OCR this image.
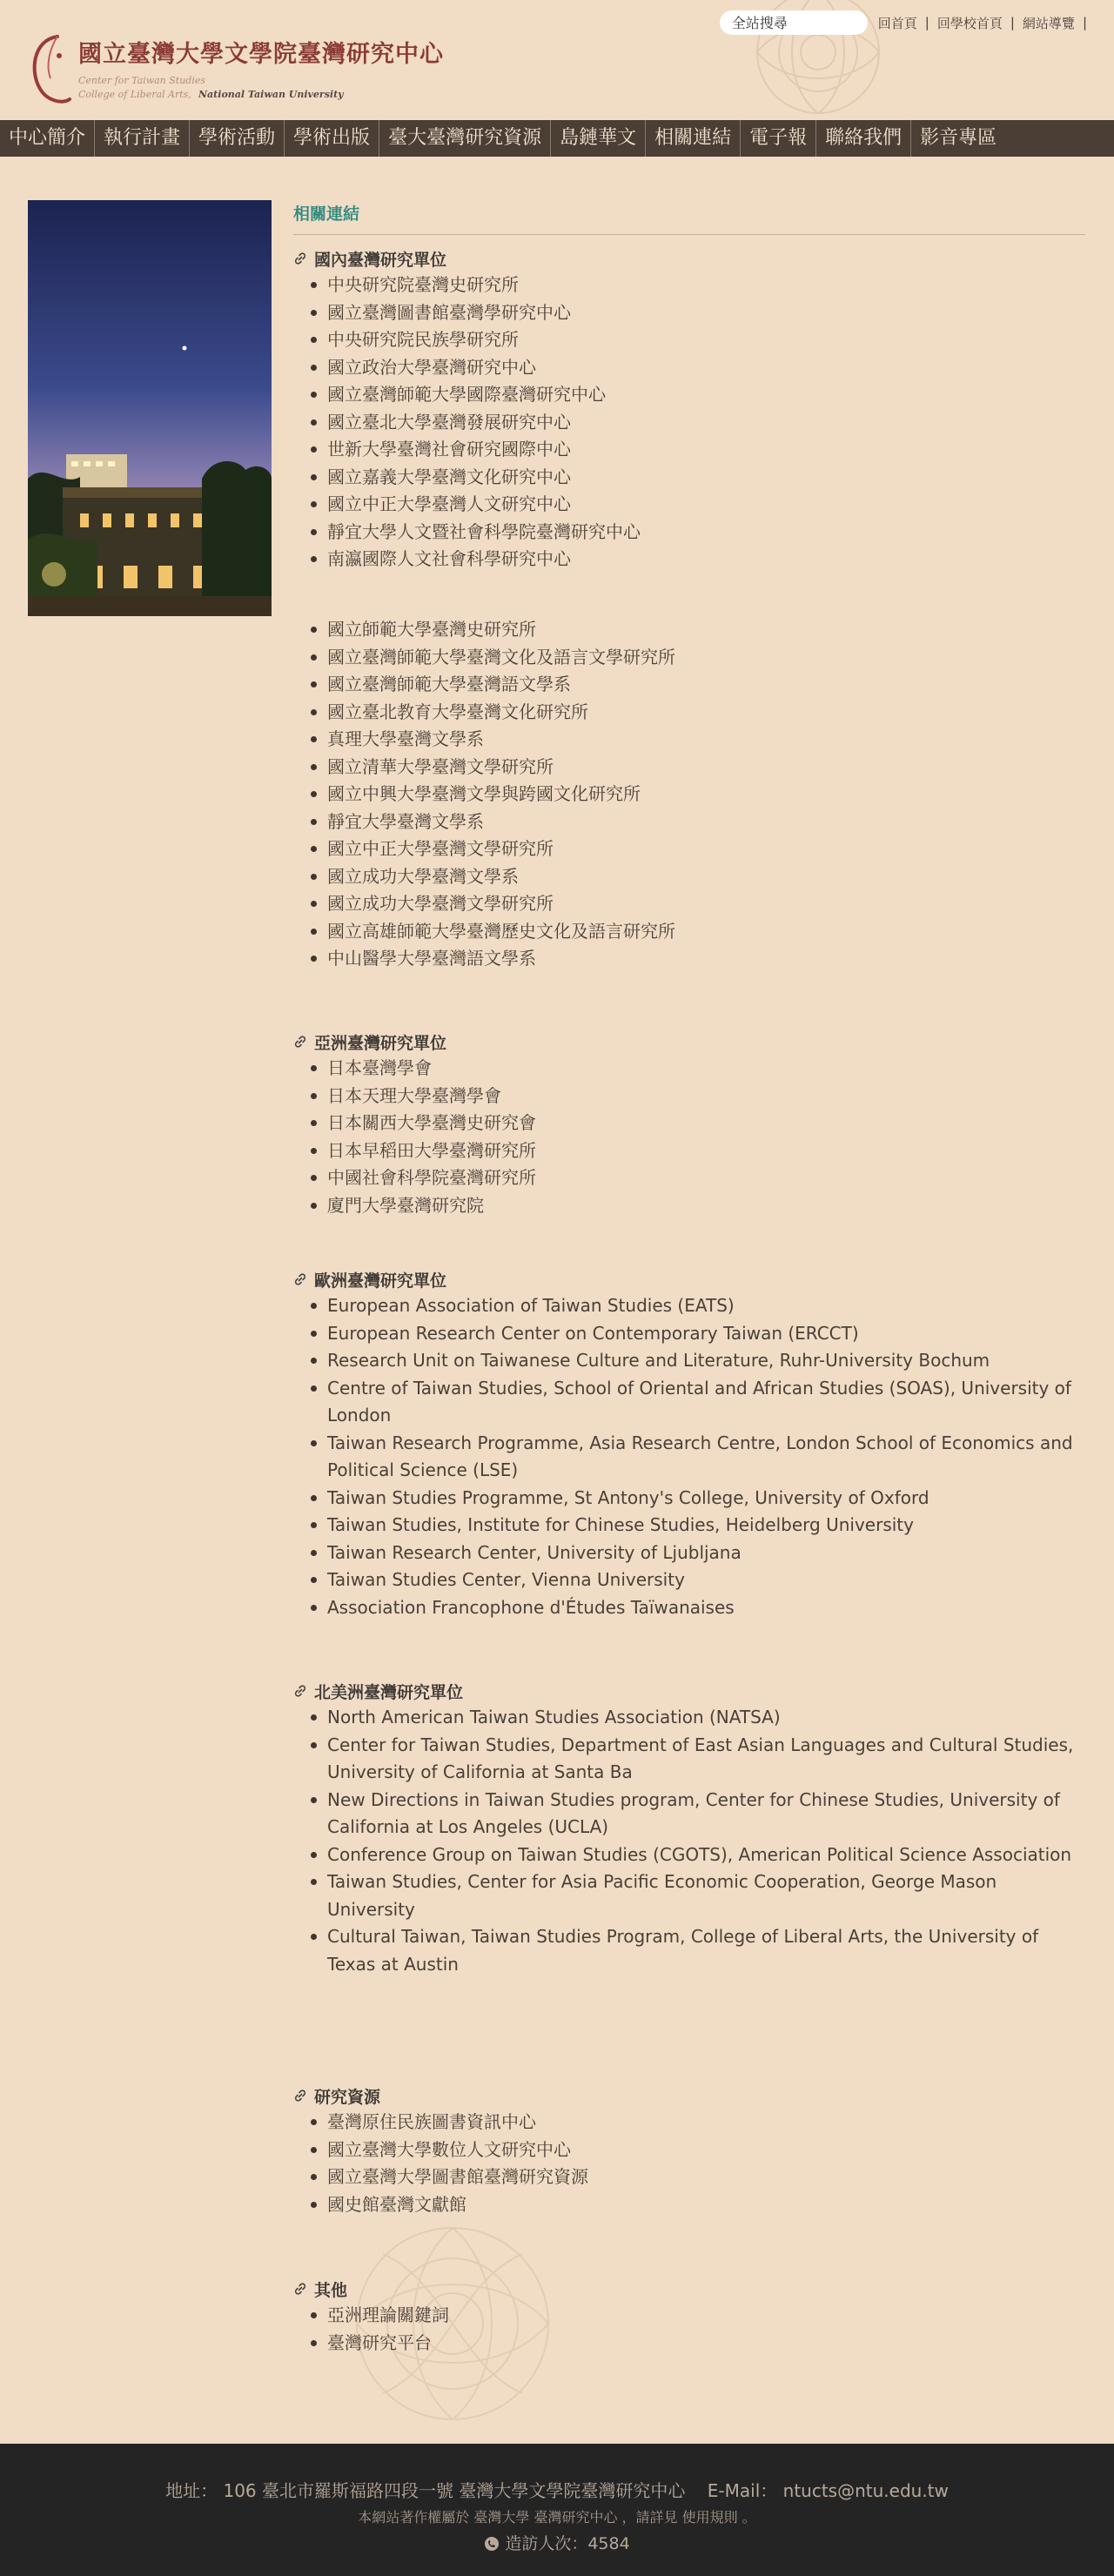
國立臺灣大學文學院臺灣研究中心
Center for Taiwan Studies
College of Liberal Arts, National Taiwan University
全站搜尋
回首頁 | 回學校首頁 | 網站導覽 |
中心簡介 執行計畫 學術活動 學術出版 臺大臺灣研究資源 島鏈華文 相關連結 電子報 聯絡我們 影音專區
相關連結
國內臺灣研究單位
中央研究院臺灣史研究所
國立臺灣圖書館臺灣學研究中心
中央研究院民族學研究所
國立政治大學臺灣研究中心
國立臺灣師範大學國際臺灣研究中心
國立臺北大學臺灣發展研究中心
世新大學臺灣社會研究國際中心
國立嘉義大學臺灣文化研究中心
國立中正大學臺灣人文研究中心
靜宜大學人文暨社會科學院臺灣研究中心
南瀛國際人文社會科學研究中心
國立師範大學臺灣史研究所
國立臺灣師範大學臺灣文化及語言文學研究所
國立臺灣師範大學臺灣語文學系
國立臺北教育大學臺灣文化研究所
真理大學臺灣文學系
國立清華大學臺灣文學研究所
國立中興大學臺灣文學與跨國文化研究所
靜宜大學臺灣文學系
國立中正大學臺灣文學研究所
國立成功大學臺灣文學系
國立成功大學臺灣文學研究所
國立高雄師範大學臺灣歷史文化及語言研究所
中山醫學大學臺灣語文學系
亞洲臺灣研究單位
日本臺灣學會
日本天理大學臺灣學會
日本關西大學臺灣史研究會
日本早稻田大學臺灣研究所
中國社會科學院臺灣研究所
廈門大學臺灣研究院
歐洲臺灣研究單位
European Association of Taiwan Studies (EATS)
European Research Center on Contemporary Taiwan (ERCCT)
Research Unit on Taiwanese Culture and Literature, Ruhr-University Bochum
Centre of Taiwan Studies, School of Oriental and African Studies (SOAS), University of London
Taiwan Research Programme, Asia Research Centre, London School of Economics and Political Science (LSE)
Taiwan Studies Programme, St Antony's College, University of Oxford
Taiwan Studies, Institute for Chinese Studies, Heidelberg University
Taiwan Research Center, University of Ljubljana
Taiwan Studies Center, Vienna University
Association Francophone d'Études Taïwanaises
北美洲臺灣研究單位
North American Taiwan Studies Association (NATSA)
Center for Taiwan Studies, Department of East Asian Languages and Cultural Studies, University of California at Santa Ba
New Directions in Taiwan Studies program, Center for Chinese Studies, University of California at Los Angeles (UCLA)
Conference Group on Taiwan Studies (CGOTS), American Political Science Association
Taiwan Studies, Center for Asia Pacific Economic Cooperation, George Mason University
Cultural Taiwan, Taiwan Studies Program, College of Liberal Arts, the University of Texas at Austin
研究資源
臺灣原住民族圖書資訊中心
國立臺灣大學數位人文研究中心
國立臺灣大學圖書館臺灣研究資源
國史館臺灣文獻館
其他
亞洲理論關鍵詞
臺灣研究平台
地址： 106 臺北市羅斯福路四段一號 臺灣大學文學院臺灣研究中心 E-Mail： ntucts@ntu.edu.tw
本網站著作權屬於 臺灣大學 臺灣研究中心 ，請詳見 使用規則 。
造訪人次：4584
